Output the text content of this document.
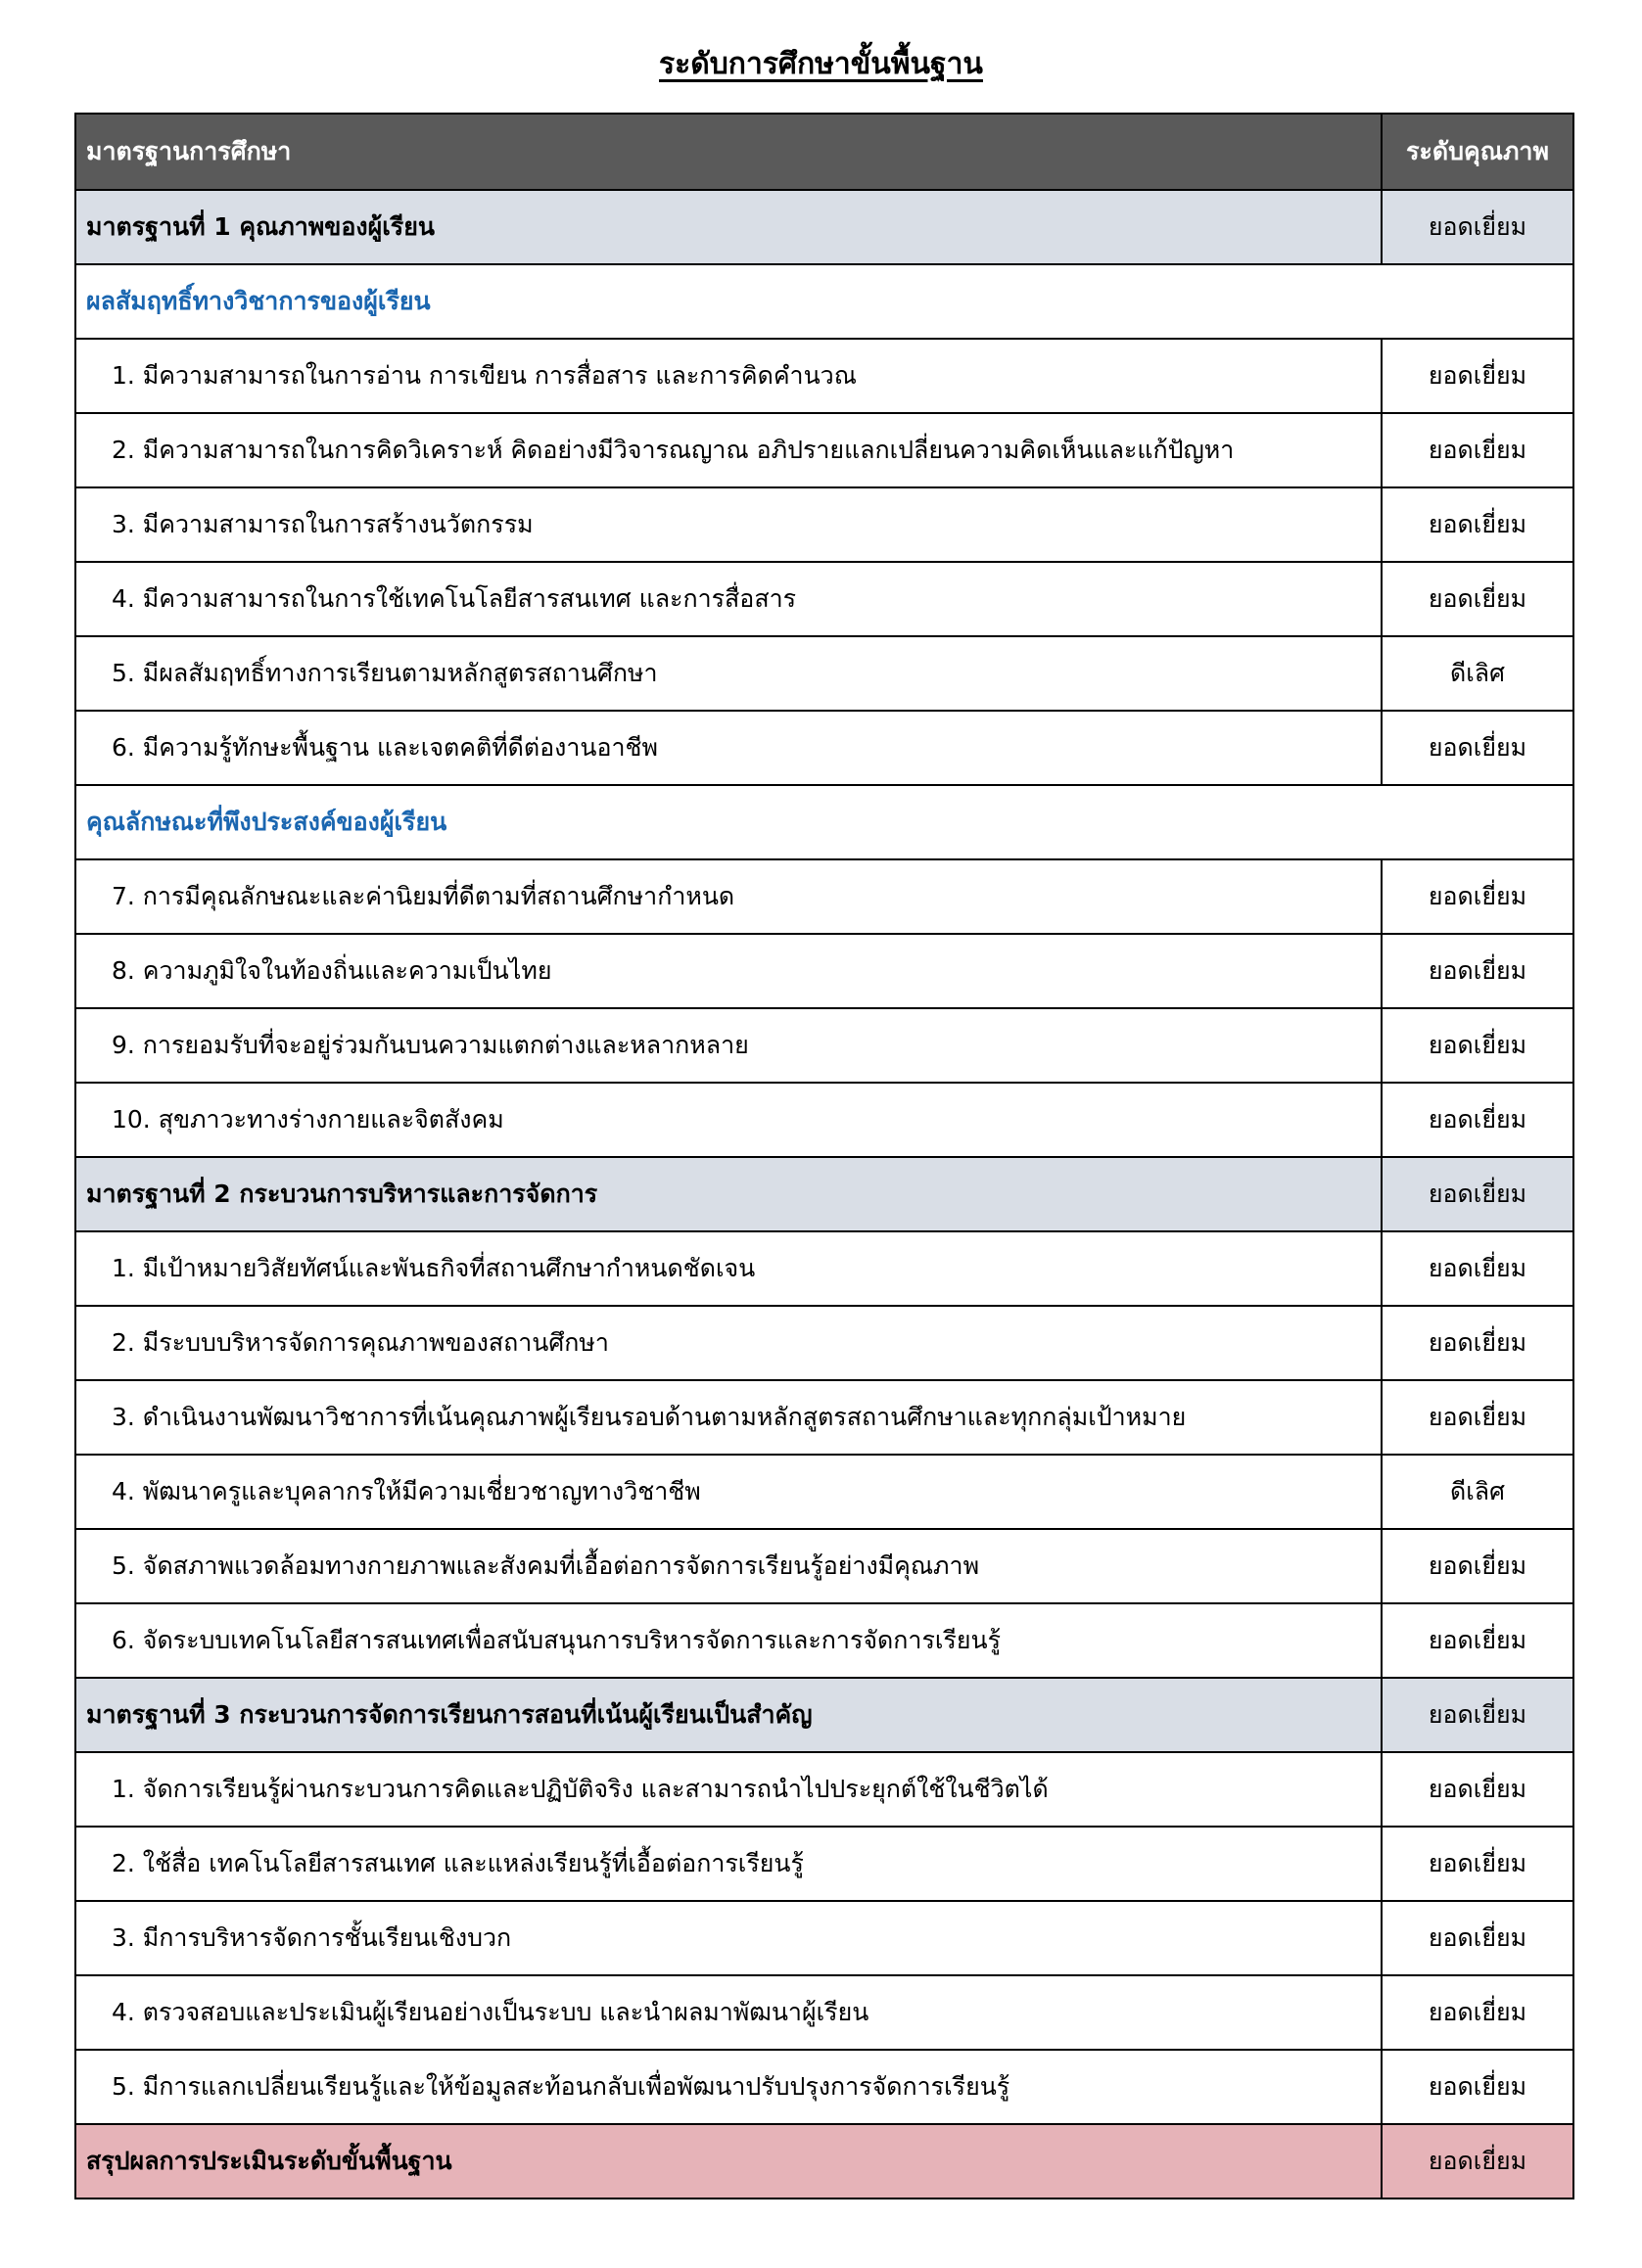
ระดับการศึกษาขั้นพื้นฐาน
มาตรฐานการศึกษา	ระดับคุณภาพ
มาตรฐานที่ 1 คุณภาพของผู้เรียน	ยอดเยี่ยม
ผลสัมฤทธิ์ทางวิชาการของผู้เรียน	
1. มีความสามารถในการอ่าน การเขียน การสื่อสาร และการคิดคำนวณ	ยอดเยี่ยม
2. มีความสามารถในการคิดวิเคราะห์ คิดอย่างมีวิจารณญาณ อภิปรายแลกเปลี่ยนความคิดเห็นและแก้ปัญหา	ยอดเยี่ยม
3. มีความสามารถในการสร้างนวัตกรรม	ยอดเยี่ยม
4. มีความสามารถในการใช้เทคโนโลยีสารสนเทศ และการสื่อสาร	ยอดเยี่ยม
5. มีผลสัมฤทธิ์ทางการเรียนตามหลักสูตรสถานศึกษา	ดีเลิศ
6. มีความรู้ทักษะพื้นฐาน และเจตคติที่ดีต่องานอาชีพ	ยอดเยี่ยม
คุณลักษณะที่พึงประสงค์ของผู้เรียน	
7. การมีคุณลักษณะและค่านิยมที่ดีตามที่สถานศึกษากำหนด	ยอดเยี่ยม
8. ความภูมิใจในท้องถิ่นและความเป็นไทย	ยอดเยี่ยม
9. การยอมรับที่จะอยู่ร่วมกันบนความแตกต่างและหลากหลาย	ยอดเยี่ยม
10. สุขภาวะทางร่างกายและจิตสังคม	ยอดเยี่ยม
มาตรฐานที่ 2 กระบวนการบริหารและการจัดการ	ยอดเยี่ยม
1. มีเป้าหมายวิสัยทัศน์และพันธกิจที่สถานศึกษากำหนดชัดเจน	ยอดเยี่ยม
2. มีระบบบริหารจัดการคุณภาพของสถานศึกษา	ยอดเยี่ยม
3. ดำเนินงานพัฒนาวิชาการที่เน้นคุณภาพผู้เรียนรอบด้านตามหลักสูตรสถานศึกษาและทุกกลุ่มเป้าหมาย	ยอดเยี่ยม
4. พัฒนาครูและบุคลากรให้มีความเชี่ยวชาญทางวิชาชีพ	ดีเลิศ
5. จัดสภาพแวดล้อมทางกายภาพและสังคมที่เอื้อต่อการจัดการเรียนรู้อย่างมีคุณภาพ	ยอดเยี่ยม
6. จัดระบบเทคโนโลยีสารสนเทศเพื่อสนับสนุนการบริหารจัดการและการจัดการเรียนรู้	ยอดเยี่ยม
มาตรฐานที่ 3 กระบวนการจัดการเรียนการสอนที่เน้นผู้เรียนเป็นสำคัญ	ยอดเยี่ยม
1. จัดการเรียนรู้ผ่านกระบวนการคิดและปฏิบัติจริง และสามารถนำไปประยุกต์ใช้ในชีวิตได้	ยอดเยี่ยม
2. ใช้สื่อ เทคโนโลยีสารสนเทศ และแหล่งเรียนรู้ที่เอื้อต่อการเรียนรู้	ยอดเยี่ยม
3. มีการบริหารจัดการชั้นเรียนเชิงบวก	ยอดเยี่ยม
4. ตรวจสอบและประเมินผู้เรียนอย่างเป็นระบบ และนำผลมาพัฒนาผู้เรียน	ยอดเยี่ยม
5. มีการแลกเปลี่ยนเรียนรู้และให้ข้อมูลสะท้อนกลับเพื่อพัฒนาปรับปรุงการจัดการเรียนรู้	ยอดเยี่ยม
สรุปผลการประเมินระดับขั้นพื้นฐาน	ยอดเยี่ยม
